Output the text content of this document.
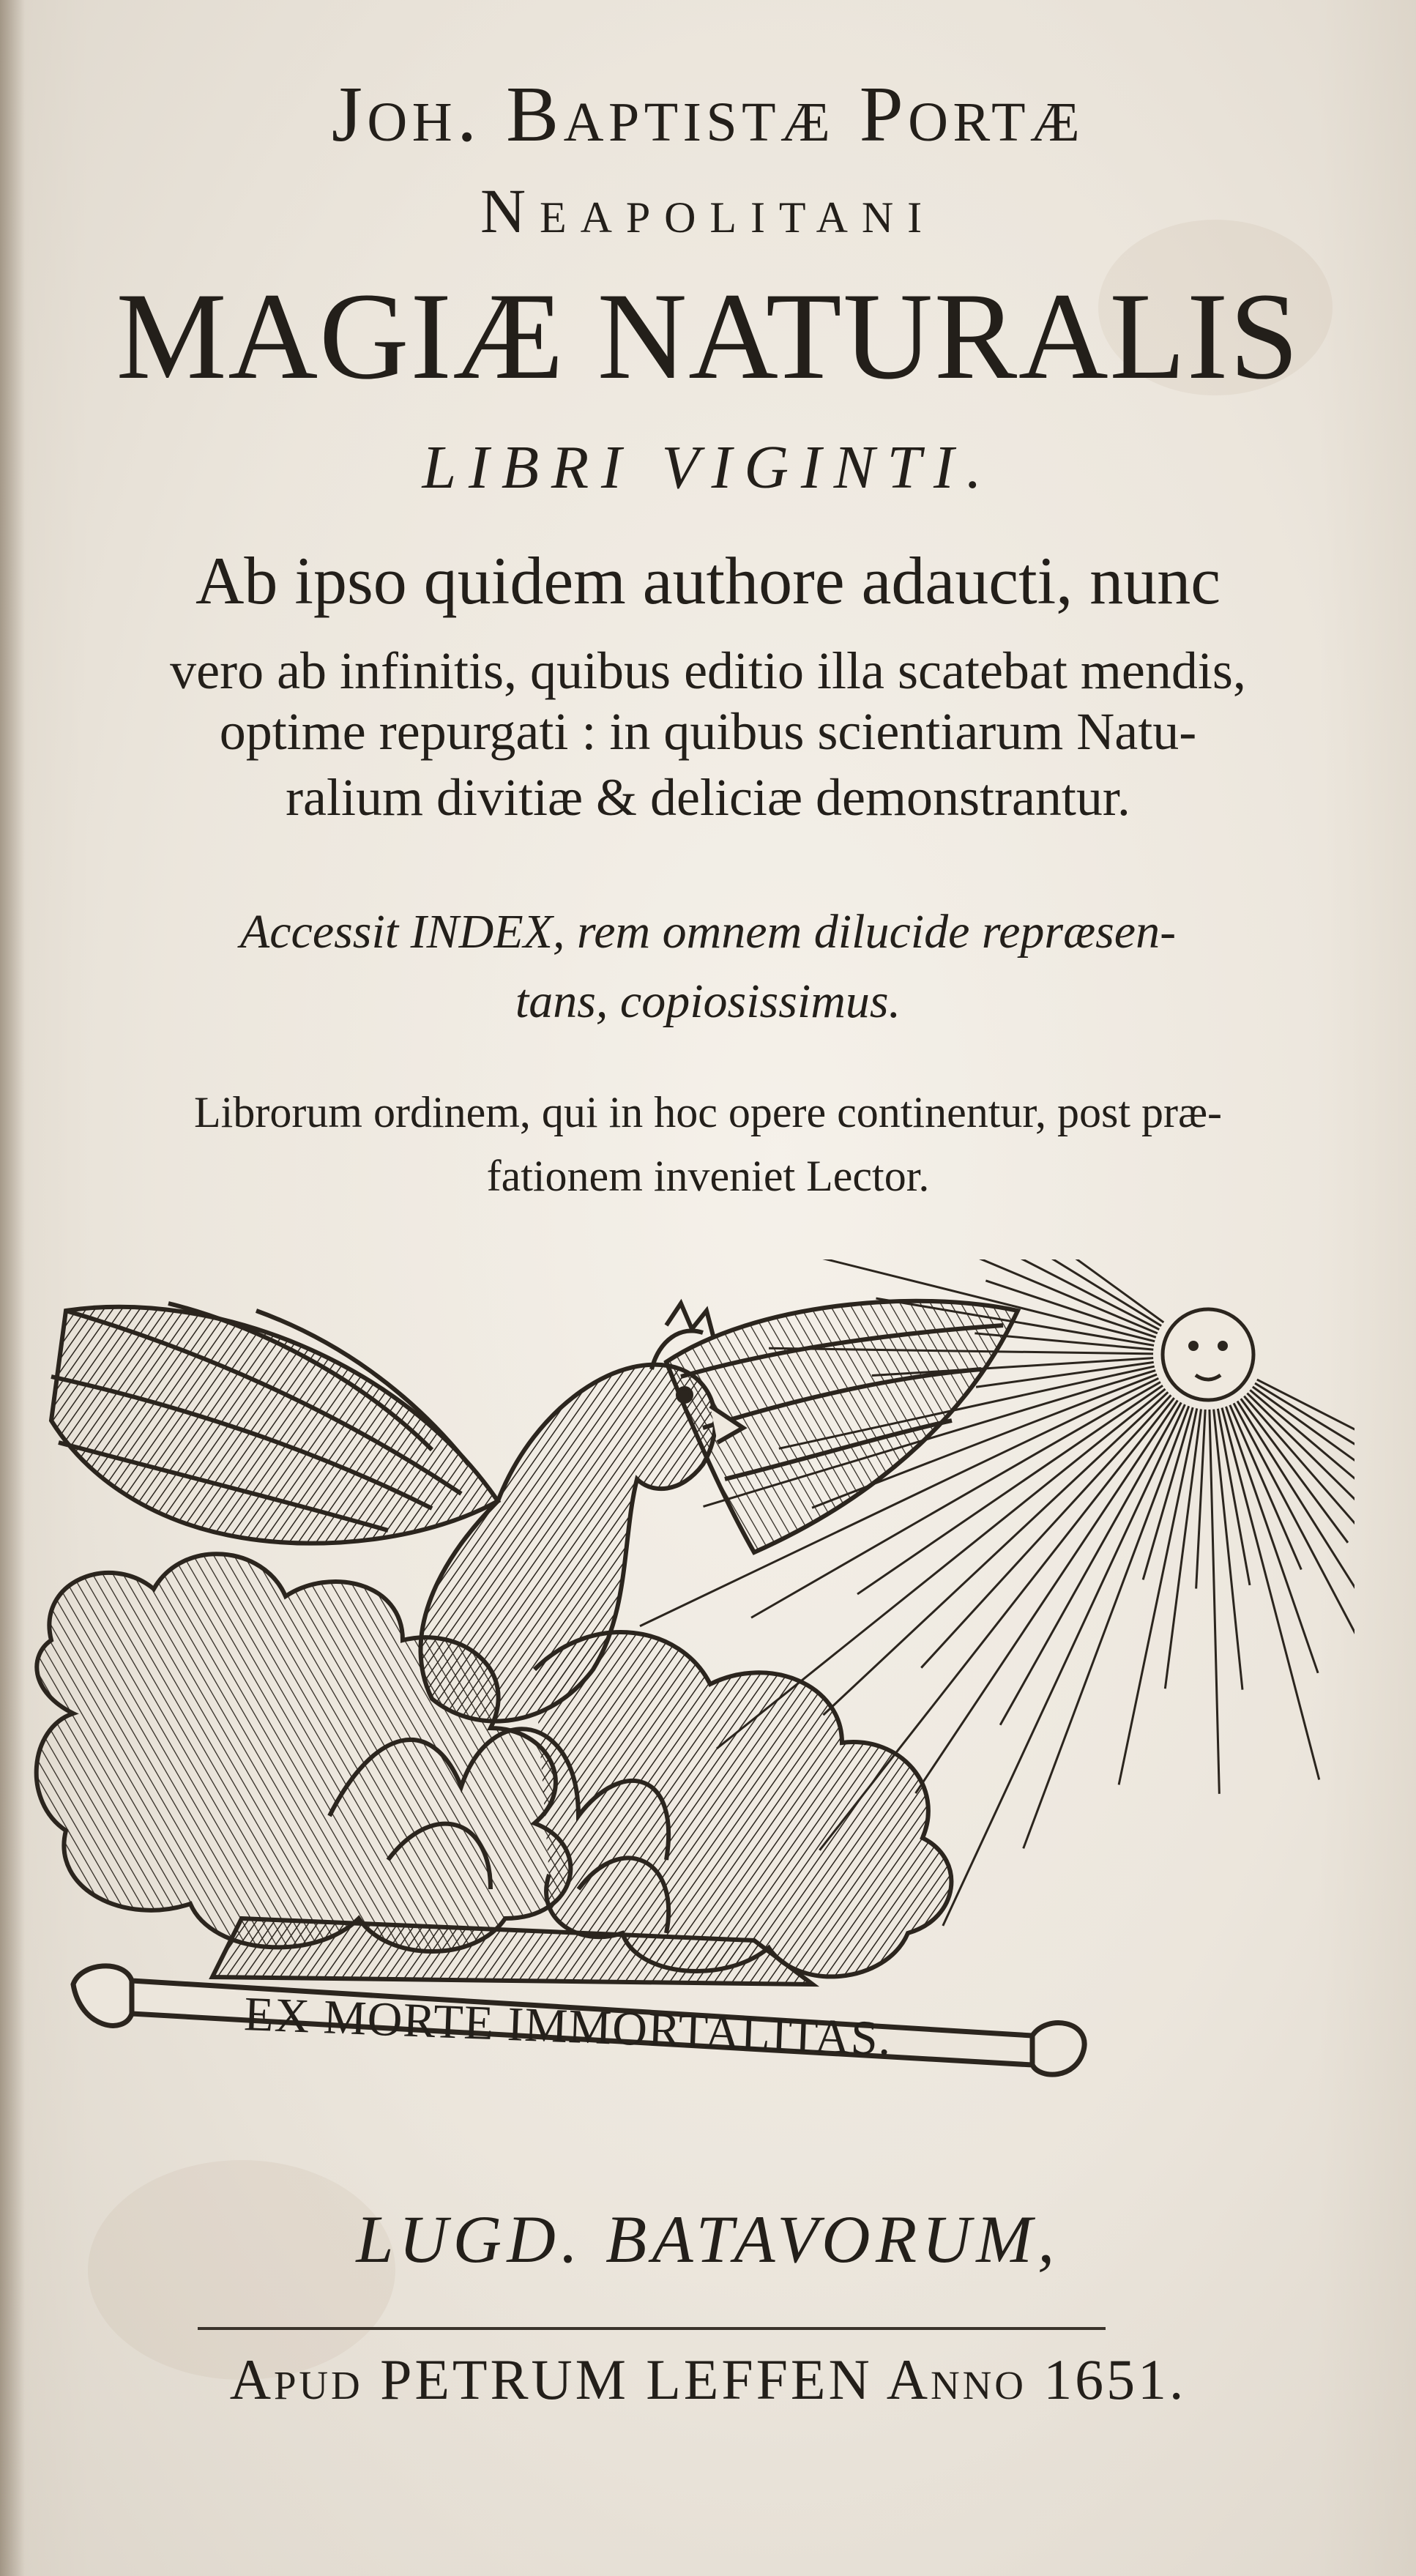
Joh. Baptistæ Portæ
Neapolitani
MAGIÆ NATURALIS
LIBRI VIGINTI.
Ab ipso quidem authore adaucti, nunc
vero ab infinitis, quibus editio illa scatebat mendis,
optime repurgati : in quibus scientiarum Natu-
ralium divitiæ & deliciæ demonstrantur.
Accessit INDEX, rem omnem dilucide repræsen-
tans, copiosissimus.
Librorum ordinem, qui in hoc opere continentur, post præ-
fationem inveniet Lector.
EX MORTE IMMORTALITAS.
LUGD. BATAVORUM,
Apud PETRUM LEFFEN Anno 1651.
